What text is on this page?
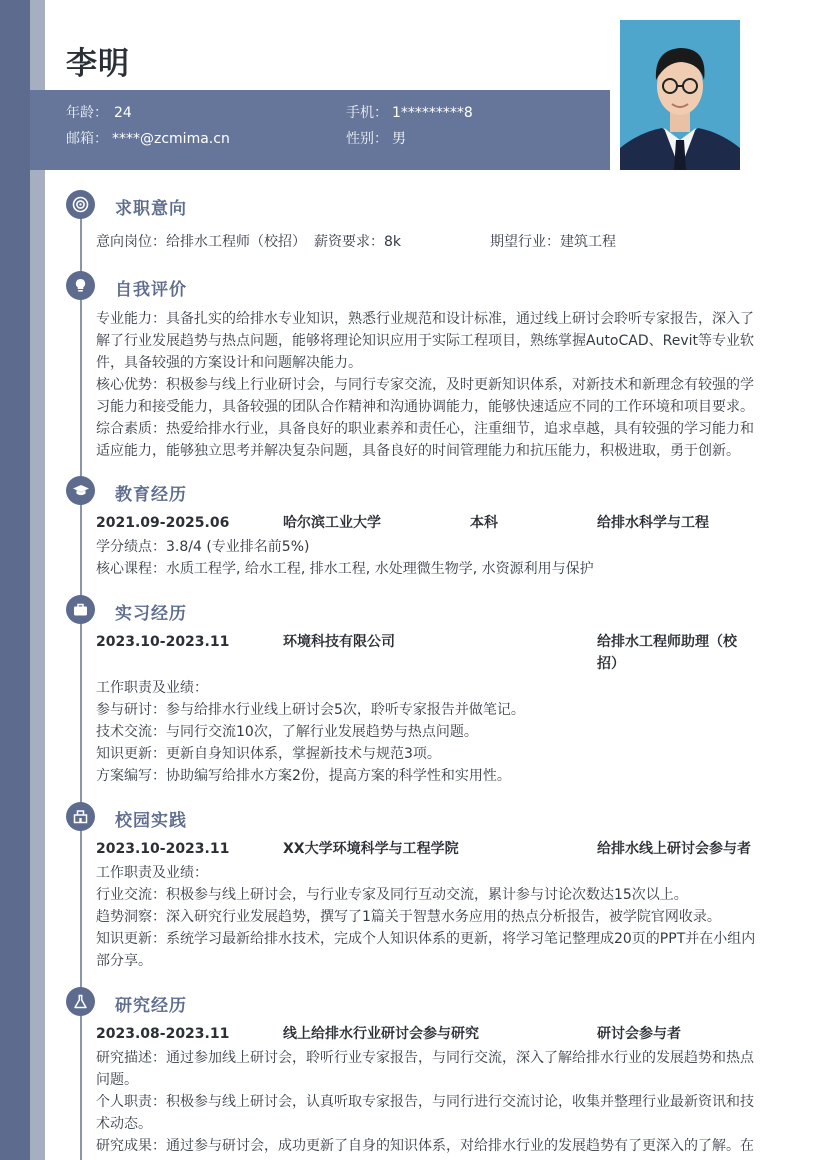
李明
年龄： 24	手机： 1*********8
邮箱： ****@zcmima.cn	性别： 男
求职意向
意向岗位：给排水工程师（校招） 薪资要求：8k	期望行业：建筑工程
自我评价
专业能力：具备扎实的给排水专业知识，熟悉行业规范和设计标准，通过线上研讨会聆听专家报告，深入了
解了行业发展趋势与热点问题，能够将理论知识应用于实际工程项目，熟练掌握AutoCAD、Revit等专业软
件，具备较强的方案设计和问题解决能力。
核心优势：积极参与线上行业研讨会，与同行专家交流，及时更新知识体系，对新技术和新理念有较强的学
习能力和接受能力，具备较强的团队合作精神和沟通协调能力，能够快速适应不同的工作环境和项目要求。
综合素质：热爱给排水行业，具备良好的职业素养和责任心，注重细节，追求卓越，具有较强的学习能力和
适应能力，能够独立思考并解决复杂问题，具备良好的时间管理能力和抗压能力，积极进取，勇于创新。
教育经历
2021.09-2025.06	哈尔滨工业大学	本科	给排水科学与工程
学分绩点：3.8/4 (专业排名前5%)
核心课程：水质工程学, 给水工程, 排水工程, 水处理微生物学, 水资源利用与保护
实习经历
2023.10-2023.11	环境科技有限公司	给排水工程师助理（校
招）
工作职责及业绩：
参与研讨：参与给排水行业线上研讨会5次，聆听专家报告并做笔记。
技术交流：与同行交流10次，了解行业发展趋势与热点问题。
知识更新：更新自身知识体系，掌握新技术与规范3项。
方案编写：协助编写给排水方案2份，提高方案的科学性和实用性。
校园实践
2023.10-2023.11	XX大学环境科学与工程学院	给排水线上研讨会参与者
工作职责及业绩：
行业交流：积极参与线上研讨会，与行业专家及同行互动交流，累计参与讨论次数达15次以上。
趋势洞察：深入研究行业发展趋势，撰写了1篇关于智慧水务应用的热点分析报告，被学院官网收录。
知识更新：系统学习最新给排水技术，完成个人知识体系的更新，将学习笔记整理成20页的PPT并在小组内
部分享。
研究经历
2023.08-2023.11	线上给排水行业研讨会参与研究	研讨会参与者
研究描述：通过参加线上研讨会，聆听行业专家报告，与同行交流，深入了解给排水行业的发展趋势和热点
问题。
个人职责：积极参与线上研讨会，认真听取专家报告，与同行进行交流讨论，收集并整理行业最新资讯和技
术动态。
研究成果：通过参与研讨会，成功更新了自身的知识体系，对给排水行业的发展趋势有了更深入的了解。在
